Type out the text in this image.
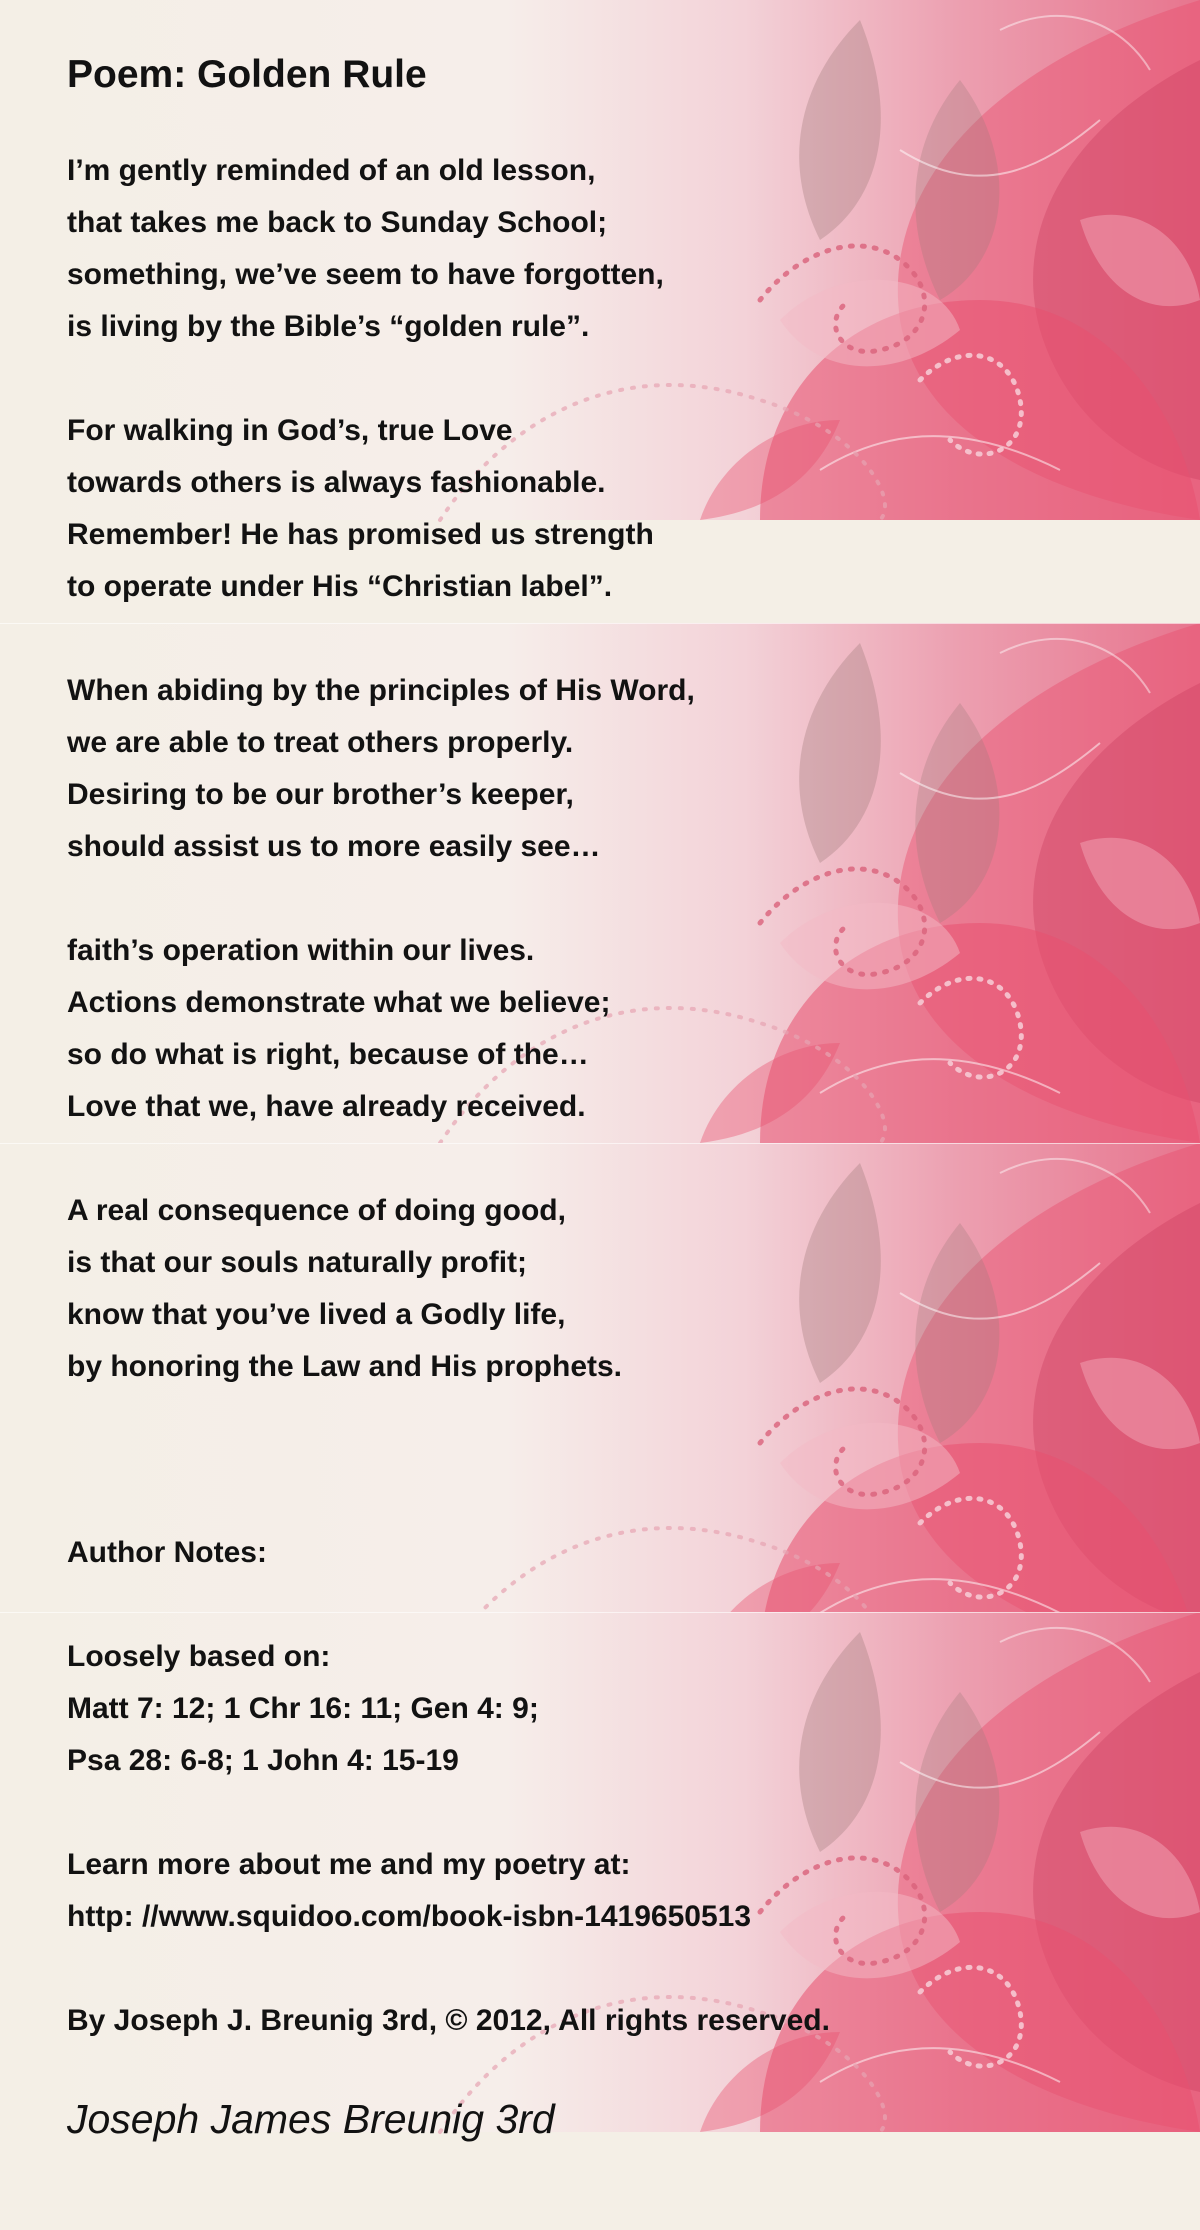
Poem: Golden Rule
I’m gently reminded of an old lesson,
that takes me back to Sunday School;
something, we’ve seem to have forgotten,
is living by the Bible’s “golden rule”.
For walking in God’s, true Love
towards others is always fashionable.
Remember! He has promised us strength
to operate under His “Christian label”.
When abiding by the principles of His Word,
we are able to treat others properly.
Desiring to be our brother’s keeper,
should assist us to more easily see…
faith’s operation within our lives.
Actions demonstrate what we believe;
so do what is right, because of the…
Love that we, have already received.
A real consequence of doing good,
is that our souls naturally profit;
know that you’ve lived a Godly life,
by honoring the Law and His prophets.
Author Notes:
Loosely based on:
Matt 7: 12; 1 Chr 16: 11; Gen 4: 9;
Psa 28: 6-8; 1 John 4: 15-19
Learn more about me and my poetry at:
http: //www.squidoo.com/book-isbn-1419650513
By Joseph J. Breunig 3rd, © 2012, All rights reserved.
Joseph James Breunig 3rd
